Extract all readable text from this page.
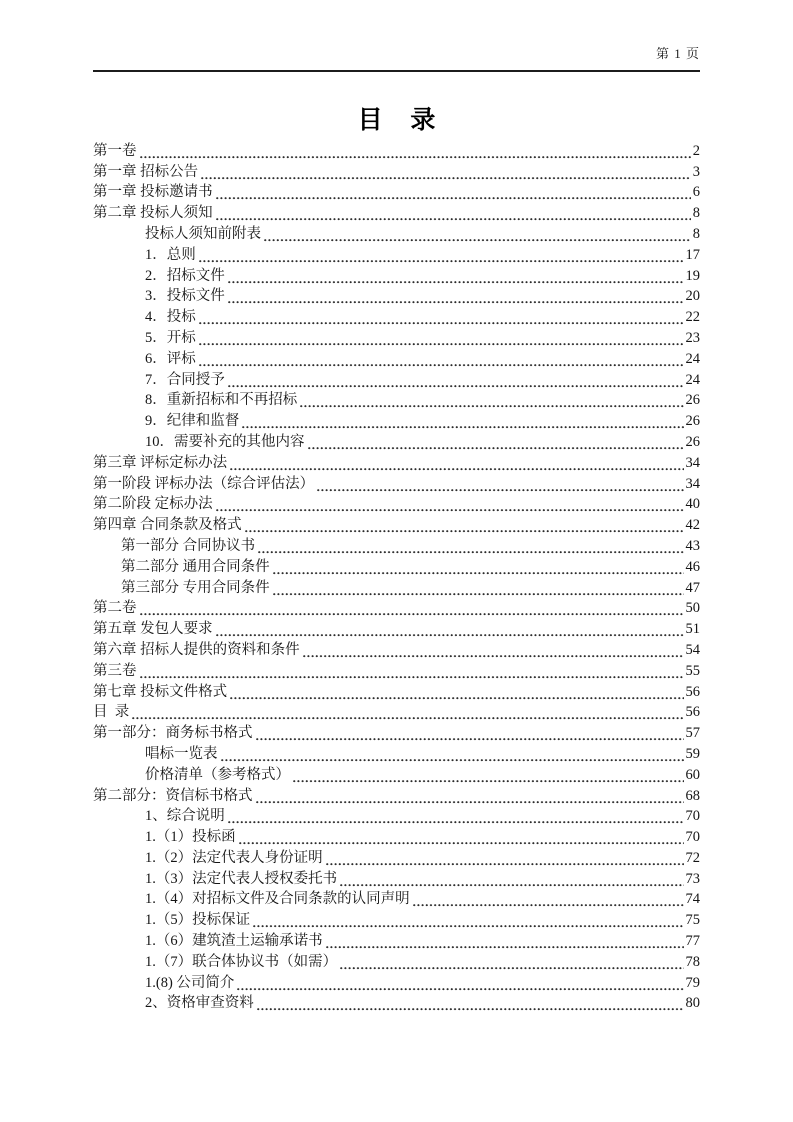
第 1 页
目    录
第一卷	2
第一章 招标公告	3
第一章 投标邀请书	6
第二章 投标人须知	8
投标人须知前附表	8
1．总则	17
2．招标文件	19
3．投标文件	20
4．投标	22
5．开标	23
6．评标	24
7．合同授予	24
8．重新招标和不再招标	26
9．纪律和监督	26
10．需要补充的其他内容	26
第三章 评标定标办法	34
第一阶段 评标办法（综合评估法）	34
第二阶段 定标办法	40
第四章 合同条款及格式	42
第一部分 合同协议书	43
第二部分 通用合同条件	46
第三部分 专用合同条件	47
第二卷	50
第五章 发包人要求	51
第六章 招标人提供的资料和条件	54
第三卷	55
第七章 投标文件格式	56
目  录	56
第一部分：商务标书格式	57
唱标一览表	59
价格清单（参考格式）	60
第二部分：资信标书格式	68
1、综合说明	70
1.（1）投标函	70
1.（2）法定代表人身份证明	72
1.（3）法定代表人授权委托书	73
1.（4）对招标文件及合同条款的认同声明	74
1.（5）投标保证	75
1.（6）建筑渣土运输承诺书	77
1.（7）联合体协议书（如需）	78
1.(8) 公司简介	79
2、资格审查资料	80
